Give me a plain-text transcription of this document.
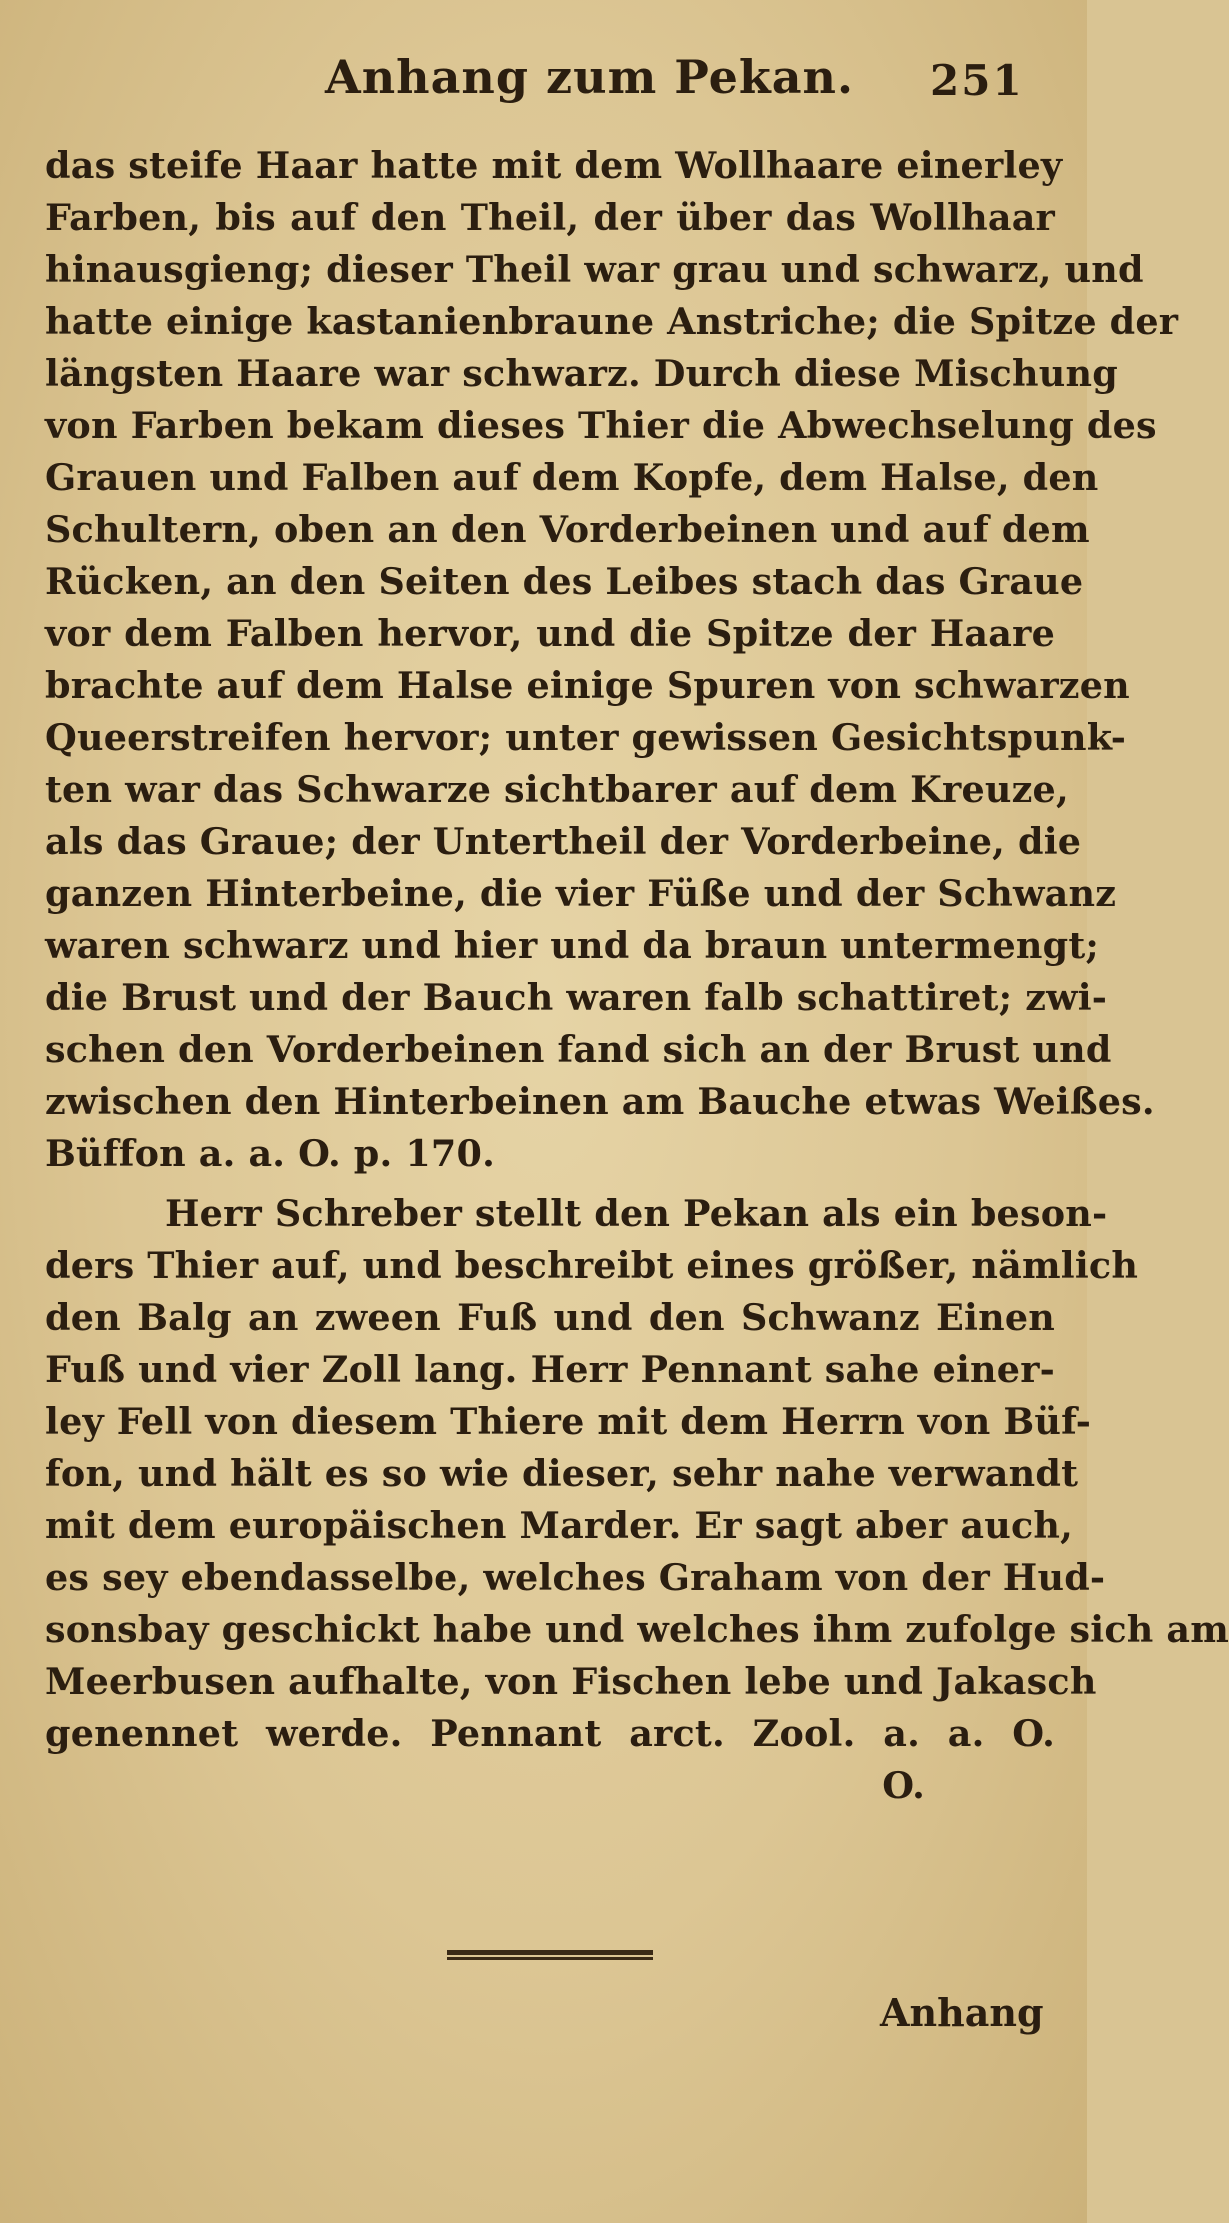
Anhang zum Pekan. 251
das steife Haar hatte mit dem Wollhaare einerley
Farben, bis auf den Theil, der über das Wollhaar
hinausgieng; dieser Theil war grau und schwarz, und
hatte einige kastanienbraune Anstriche; die Spitze der
längsten Haare war schwarz. Durch diese Mischung
von Farben bekam dieses Thier die Abwechselung des
Grauen und Falben auf dem Kopfe, dem Halse, den
Schultern, oben an den Vorderbeinen und auf dem
Rücken, an den Seiten des Leibes stach das Graue
vor dem Falben hervor, und die Spitze der Haare
brachte auf dem Halse einige Spuren von schwarzen
Queerstreifen hervor; unter gewissen Gesichtspunk-
ten war das Schwarze sichtbarer auf dem Kreuze,
als das Graue; der Untertheil der Vorderbeine, die
ganzen Hinterbeine, die vier Füße und der Schwanz
waren schwarz und hier und da braun untermengt;
die Brust und der Bauch waren falb schattiret; zwi-
schen den Vorderbeinen fand sich an der Brust und
zwischen den Hinterbeinen am Bauche etwas Weißes.
Büffon a. a. O. p. 170.
Herr Schreber stellt den Pekan als ein beson-
ders Thier auf, und beschreibt eines größer, nämlich
den Balg an zween Fuß und den Schwanz Einen
Fuß und vier Zoll lang. Herr Pennant sahe einer-
ley Fell von diesem Thiere mit dem Herrn von Büf-
fon, und hält es so wie dieser, sehr nahe verwandt
mit dem europäischen Marder. Er sagt aber auch,
es sey ebendasselbe, welches Graham von der Hud-
sonsbay geschickt habe und welches ihm zufolge sich am
Meerbusen aufhalte, von Fischen lebe und Jakasch
genennet werde. Pennant arct. Zool. a. a. O.
O.
Anhang
